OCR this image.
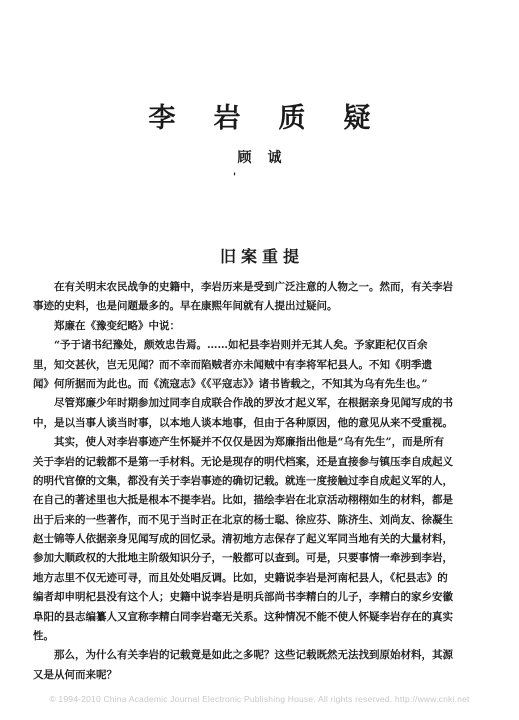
李岩质疑
顾诚
'
旧案重提
　　在有关明末农民战争的史籍中，李岩历来是受到广泛注意的人物之一。然而，有关李岩
事迹的史料，也是问题最多的。早在康熙年间就有人提出过疑问。
　　郑廉在《豫变纪略》中说：
　　“予于诸书纪豫处，颇效忠告焉。……如杞县李岩则并无其人矣。予家距杞仅百余
里，知交甚伙，岂无见闻？而不幸而陷贼者亦未闻贼中有李将军杞县人。不知《明季遗
闻》何所据而为此也。而《流寇志》《《平寇志》》诸书皆载之，不知其为乌有先生也。”
　　尽管郑廉少年时期参加过同李自成联合作战的罗汝才起义军，在根据亲身见闻写成的书
中，是以当事人谈当时事，以本地人谈本地事，但由于各种原因，他的意见从来不受重视。
　　其实，使人对李岩事迹产生怀疑并不仅仅是因为郑廉指出他是“乌有先生”，而是所有
关于李岩的记载都不是第一手材料。无论是现存的明代档案，还是直接参与镇压李自成起义
的明代官僚的文集，都没有关于李岩事迹的确切记载。就连一度接触过李自成起义军的人，
在自己的著述里也大抵是根本不提李岩。比如，描绘李岩在北京活动栩栩如生的材料，都是
出于后来的一些著作，而不见于当时正在北京的杨士聪、徐应芬、陈济生、刘尚友、徐凝生
赵士锦等人依据亲身见闻写成的回忆录。清初地方志保存了起义军同当地有关的大量材料，
参加大顺政权的大批地主阶级知识分子，一般都可以查到。可是，只要事情一牵涉到李岩，
地方志里不仅无迹可寻，而且处处唱反调。比如，史籍说李岩是河南杞县人，《杞县志》的
编者却申明杞县没有这个人；史籍中说李岩是明兵部尚书李精白的儿子，李精白的家乡安徽
阜阳的县志编纂人又宣称李精白同李岩毫无关系。这种情况不能不使人怀疑李岩存在的真实
性。
　　那么，为什么有关李岩的记载竟是如此之多呢？这些记载既然无法找到原始材料，其源
又是从何而来呢？
© 1994-2010 China Academic Journal Electronic Publishing House. All rights reserved. http://www.cnki.net
